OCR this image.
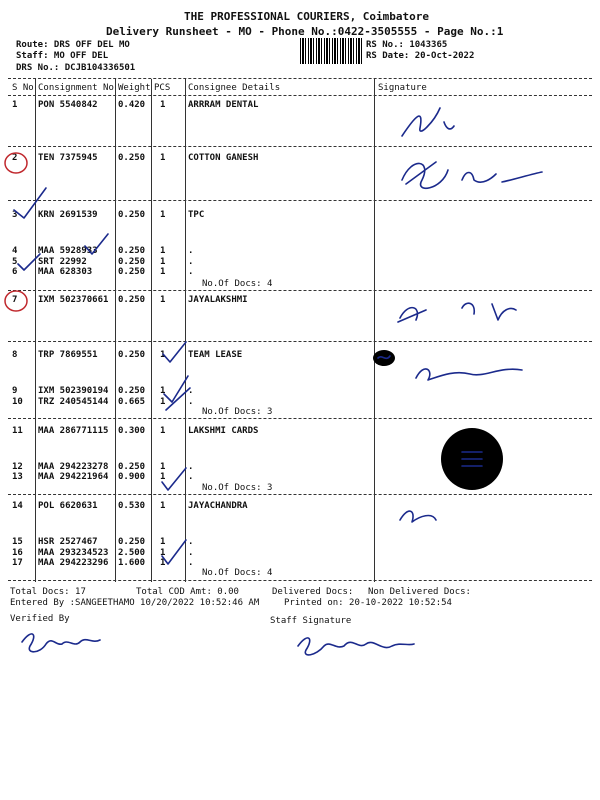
THE PROFESSIONAL COURIERS, Coimbatore
Delivery Runsheet - MO - Phone No.:0422-3505555 - Page No.:1
Route: DRS OFF DEL MO
Staff: MO OFF DEL
DRS No.: DCJB104336501
RS No.: 1043365
RS Date: 20-Oct-2022
S No Consignment No Weight PCS Consignee Details	Signature
1 PON 5540842 0.420 1	ARRRAM DENTAL
2 TEN 7375945 0.250 1	COTTON GANESH
3 KRN 2691539 0.250 1	TPC
4 MAA 5928933 0.250 1	.
5 SRT 22992	0.250 1	.
6 MAA 628303	0.250 1	.
7 IXM 502370661 0.250 1	JAYALAKSHMI
8 TRP 7869551 0.250 1	TEAM LEASE
9 IXM 502390194 0.250 1	.
10 TRZ 240545144 0.665 1	.
11 MAA 286771115 0.300 1	LAKSHMI CARDS
12 MAA 294223278 0.250 1	.
13 MAA 294221964 0.900 1	.
14 POL 6620631 0.530 1	JAYACHANDRA
15 HSR 2527467 0.250 1	.
16 MAA 293234523 2.500 1	.
17 MAA 294223296 1.600 1	.
No.Of Docs: 4
No.Of Docs: 3
No.Of Docs: 3
No.Of Docs: 4
Total Docs: 17	Total COD Amt: 0.00	Delivered Docs: Non Delivered Docs:
Entered By :SANGEETHAMO 10/20/2022 10:52:46 AM	Printed on: 20-10-2022 10:52:54
Verified By	Staff Signature
9952180345
R. Kony
Pavitha.cc
8754039855
9942501422
9442591292
